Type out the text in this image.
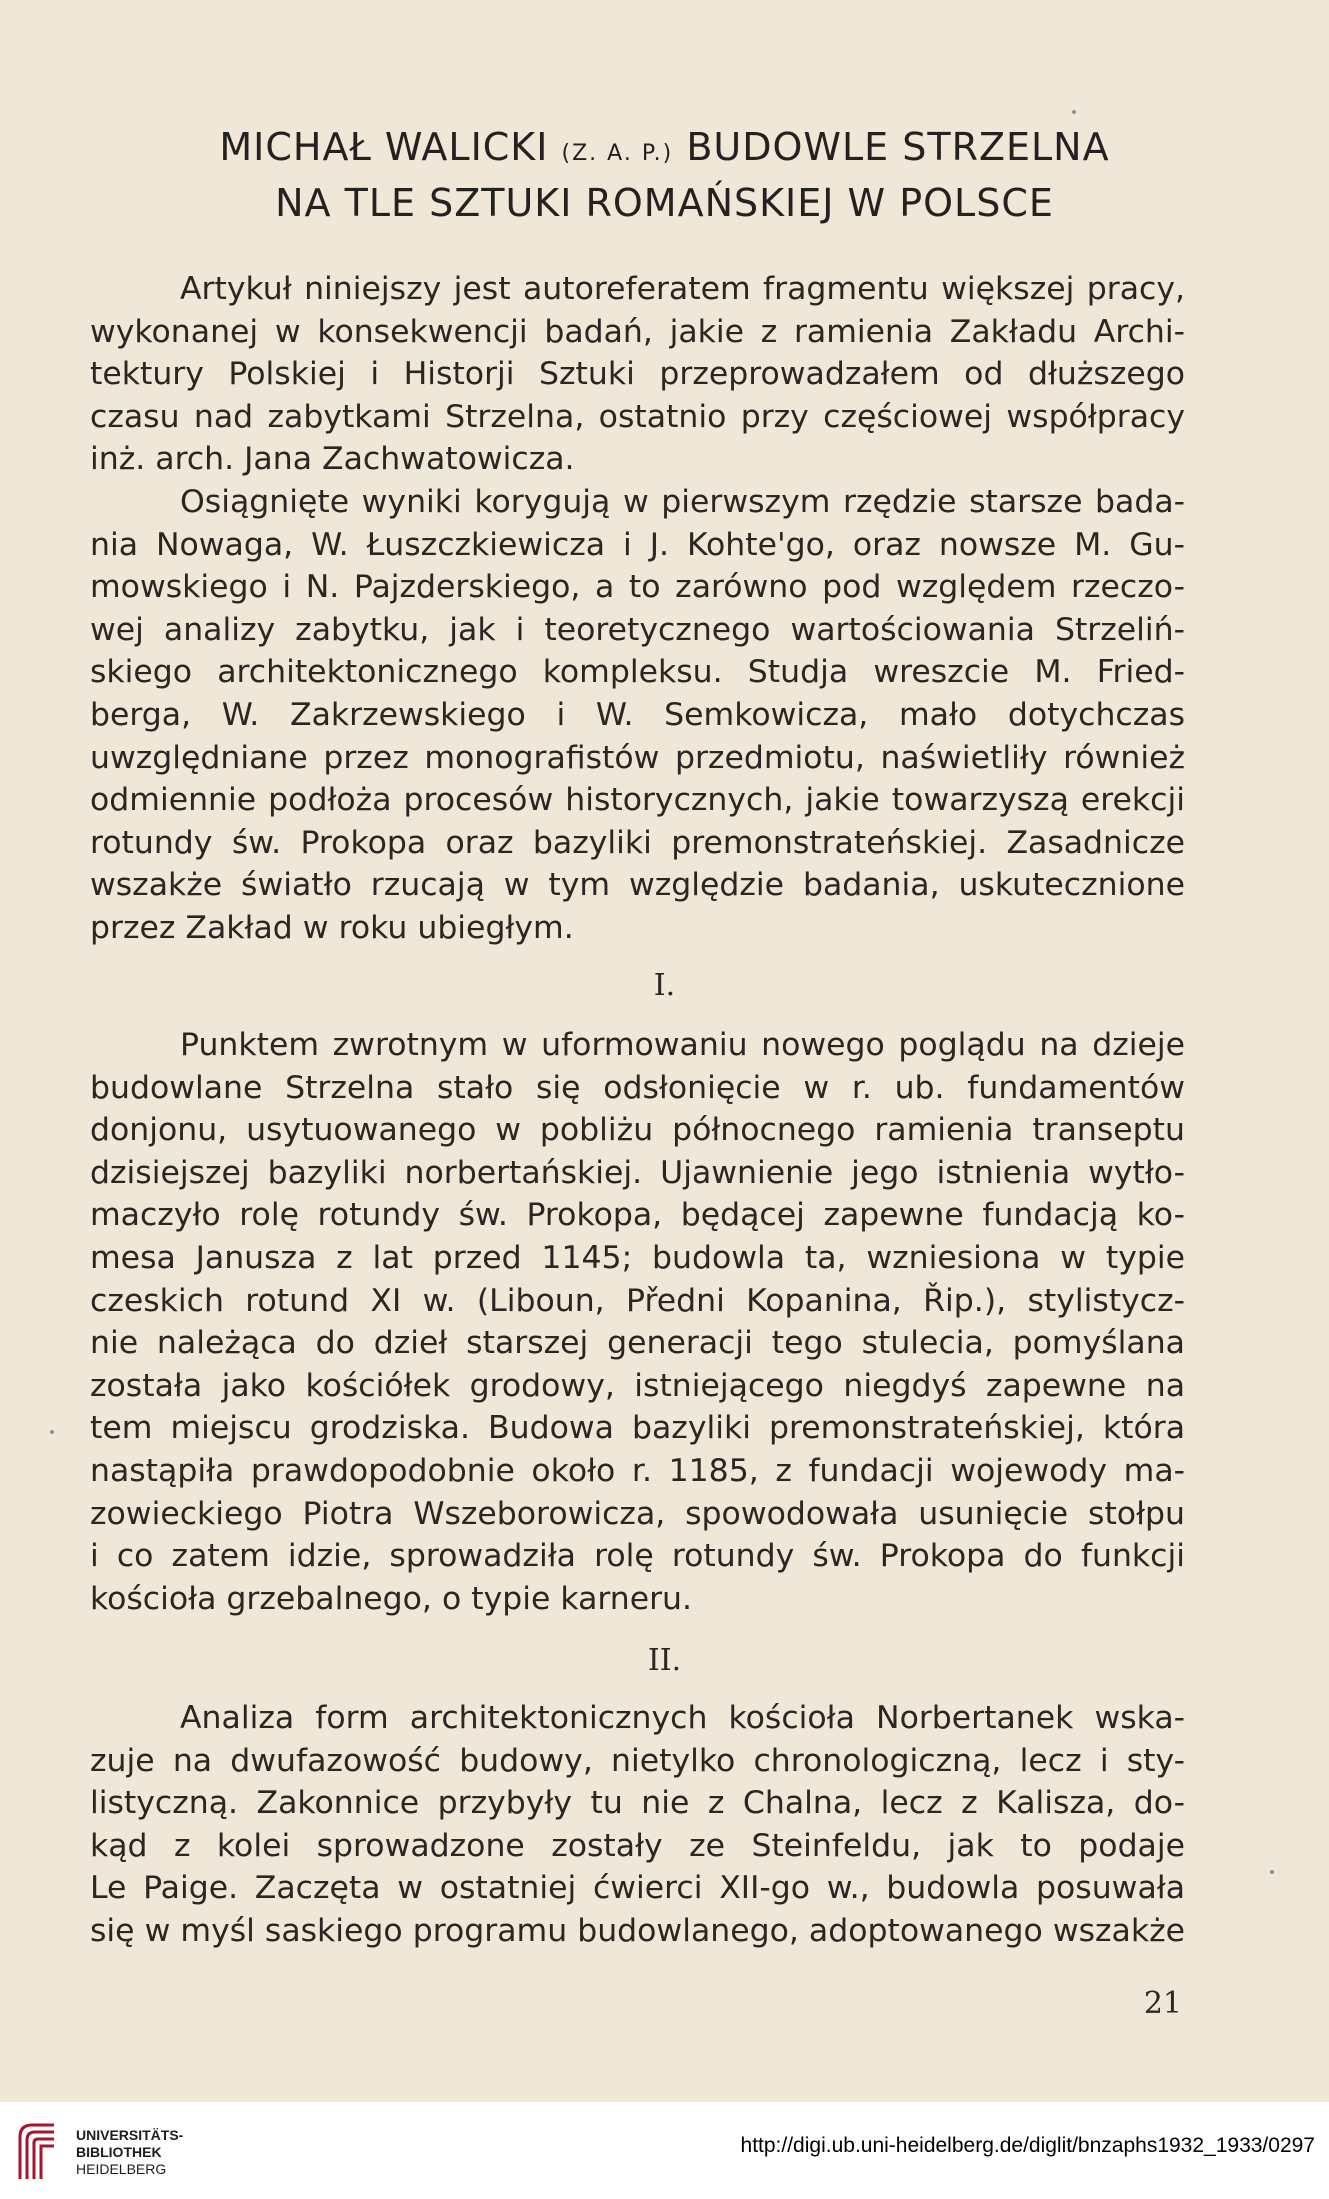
MICHAŁ WALICKI (Z. A. P.) BUDOWLE STRZELNA
NA TLE SZTUKI ROMAŃSKIEJ W POLSCE
Artykuł niniejszy jest autoreferatem fragmentu większej pracy,
wykonanej w konsekwencji badań, jakie z ramienia Zakładu Archi-
tektury Polskiej i Historji Sztuki przeprowadzałem od dłuższego
czasu nad zabytkami Strzelna, ostatnio przy częściowej współpracy
inż. arch. Jana Zachwatowicza.
Osiągnięte wyniki korygują w pierwszym rzędzie starsze bada-
nia Nowaga, W. Łuszczkiewicza i J. Kohte'go, oraz nowsze M. Gu-
mowskiego i N. Pajzderskiego, a to zarówno pod względem rzeczo-
wej analizy zabytku, jak i teoretycznego wartościowania Strzeliń-
skiego architektonicznego kompleksu. Studja wreszcie M. Fried-
berga, W. Zakrzewskiego i W. Semkowicza, mało dotychczas
uwzględniane przez monografistów przedmiotu, naświetliły również
odmiennie podłoża procesów historycznych, jakie towarzyszą erekcji
rotundy św. Prokopa oraz bazyliki premonstrateńskiej. Zasadnicze
wszakże światło rzucają w tym względzie badania, uskutecznione
przez Zakład w roku ubiegłym.
I.
Punktem zwrotnym w uformowaniu nowego poglądu na dzieje
budowlane Strzelna stało się odsłonięcie w r. ub. fundamentów
donjonu, usytuowanego w pobliżu północnego ramienia transeptu
dzisiejszej bazyliki norbertańskiej. Ujawnienie jego istnienia wytło-
maczyło rolę rotundy św. Prokopa, będącej zapewne fundacją ko-
mesa Janusza z lat przed 1145; budowla ta, wzniesiona w typie
czeskich rotund XI w. (Liboun, Předni Kopanina, Řip.), stylistycz-
nie należąca do dzieł starszej generacji tego stulecia, pomyślana
została jako kościółek grodowy, istniejącego niegdyś zapewne na
tem miejscu grodziska. Budowa bazyliki premonstrateńskiej, która
nastąpiła prawdopodobnie około r. 1185, z fundacji wojewody ma-
zowieckiego Piotra Wszeborowicza, spowodowała usunięcie stołpu
i co zatem idzie, sprowadziła rolę rotundy św. Prokopa do funkcji
kościoła grzebalnego, o typie karneru.
II.
Analiza form architektonicznych kościoła Norbertanek wska-
zuje na dwufazowość budowy, nietylko chronologiczną, lecz i sty-
listyczną. Zakonnice przybyły tu nie z Chalna, lecz z Kalisza, do-
kąd z kolei sprowadzone zostały ze Steinfeldu, jak to podaje
Le Paige. Zaczęta w ostatniej ćwierci XII-go w., budowla posuwała
się w myśl saskiego programu budowlanego, adoptowanego wszakże
21
UNIVERSITÄTS-
BIBLIOTHEK
HEIDELBERG
http://digi.ub.uni-heidelberg.de/diglit/bnzaphs1932_1933/0297
